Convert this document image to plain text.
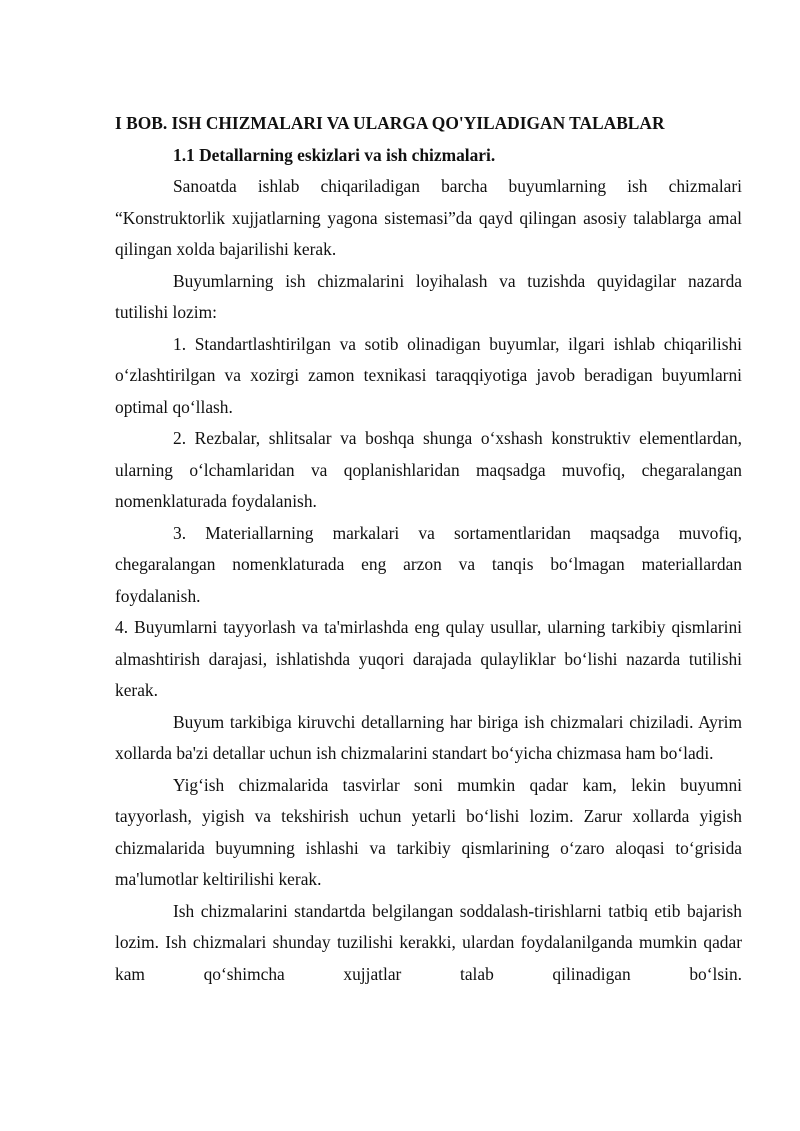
I BOB. ISH CHIZMALARI VA ULARGA QO'YILADIGAN TALABLAR

1.1 Detallarning eskizlari va ish chizmalari.

Sanoatda ishlab chiqariladigan barcha buyumlarning ish chizmalari “Konstruktorlik xujjatlarning yagona sistemasi”da qayd qilingan asosiy talablarga amal qilingan xolda bajarilishi kerak.

Buyumlarning ish chizmalarini loyihalash va tuzishda quyidagilar nazarda tutilishi lozim:

1. Standartlashtirilgan va sotib olinadigan buyumlar, ilgari ishlab chiqarilishi o‘zlashtirilgan va xozirgi zamon texnikasi taraqqiyotiga javob beradigan buyumlarni optimal qo‘llash.

2. Rezbalar, shlitsalar va boshqa shunga o‘xshash konstruktiv elementlardan, ularning o‘lchamlaridan va qoplanishlaridan maqsadga muvofiq, chegaralangan nomenklaturada foydalanish.

3. Materiallarning markalari va sortamentlaridan maqsadga muvofiq, chegaralangan nomenklaturada eng arzon va tanqis bo‘lmagan materiallardan foydalanish.

4. Buyumlarni tayyorlash va ta'mirlashda eng qulay usullar, ularning tarkibiy qismlarini almashtirish darajasi, ishlatishda yuqori darajada qulayliklar bo‘lishi nazarda tutilishi kerak.

Buyum tarkibiga kiruvchi detallarning har biriga ish chizmalari chiziladi. Ayrim xollarda ba'zi detallar uchun ish chizmalarini standart bo‘yicha chizmasa ham bo‘ladi.

Yig‘ish chizmalarida tasvirlar soni mumkin qadar kam, lekin buyumni tayyorlash, yigish va tekshirish uchun yetarli bo‘lishi lozim. Zarur xollarda yigish chizmalarida buyumning ishlashi va tarkibiy qismlarining o‘zaro aloqasi to‘grisida ma'lumotlar keltirilishi kerak.

Ish chizmalarini standartda belgilangan soddalash-tirishlarni tatbiq etib bajarish lozim. Ish chizmalari shunday tuzilishi kerakki, ulardan foydalanilganda mumkin qadar kam qo‘shimcha xujjatlar talab qilinadigan bo‘lsin.
